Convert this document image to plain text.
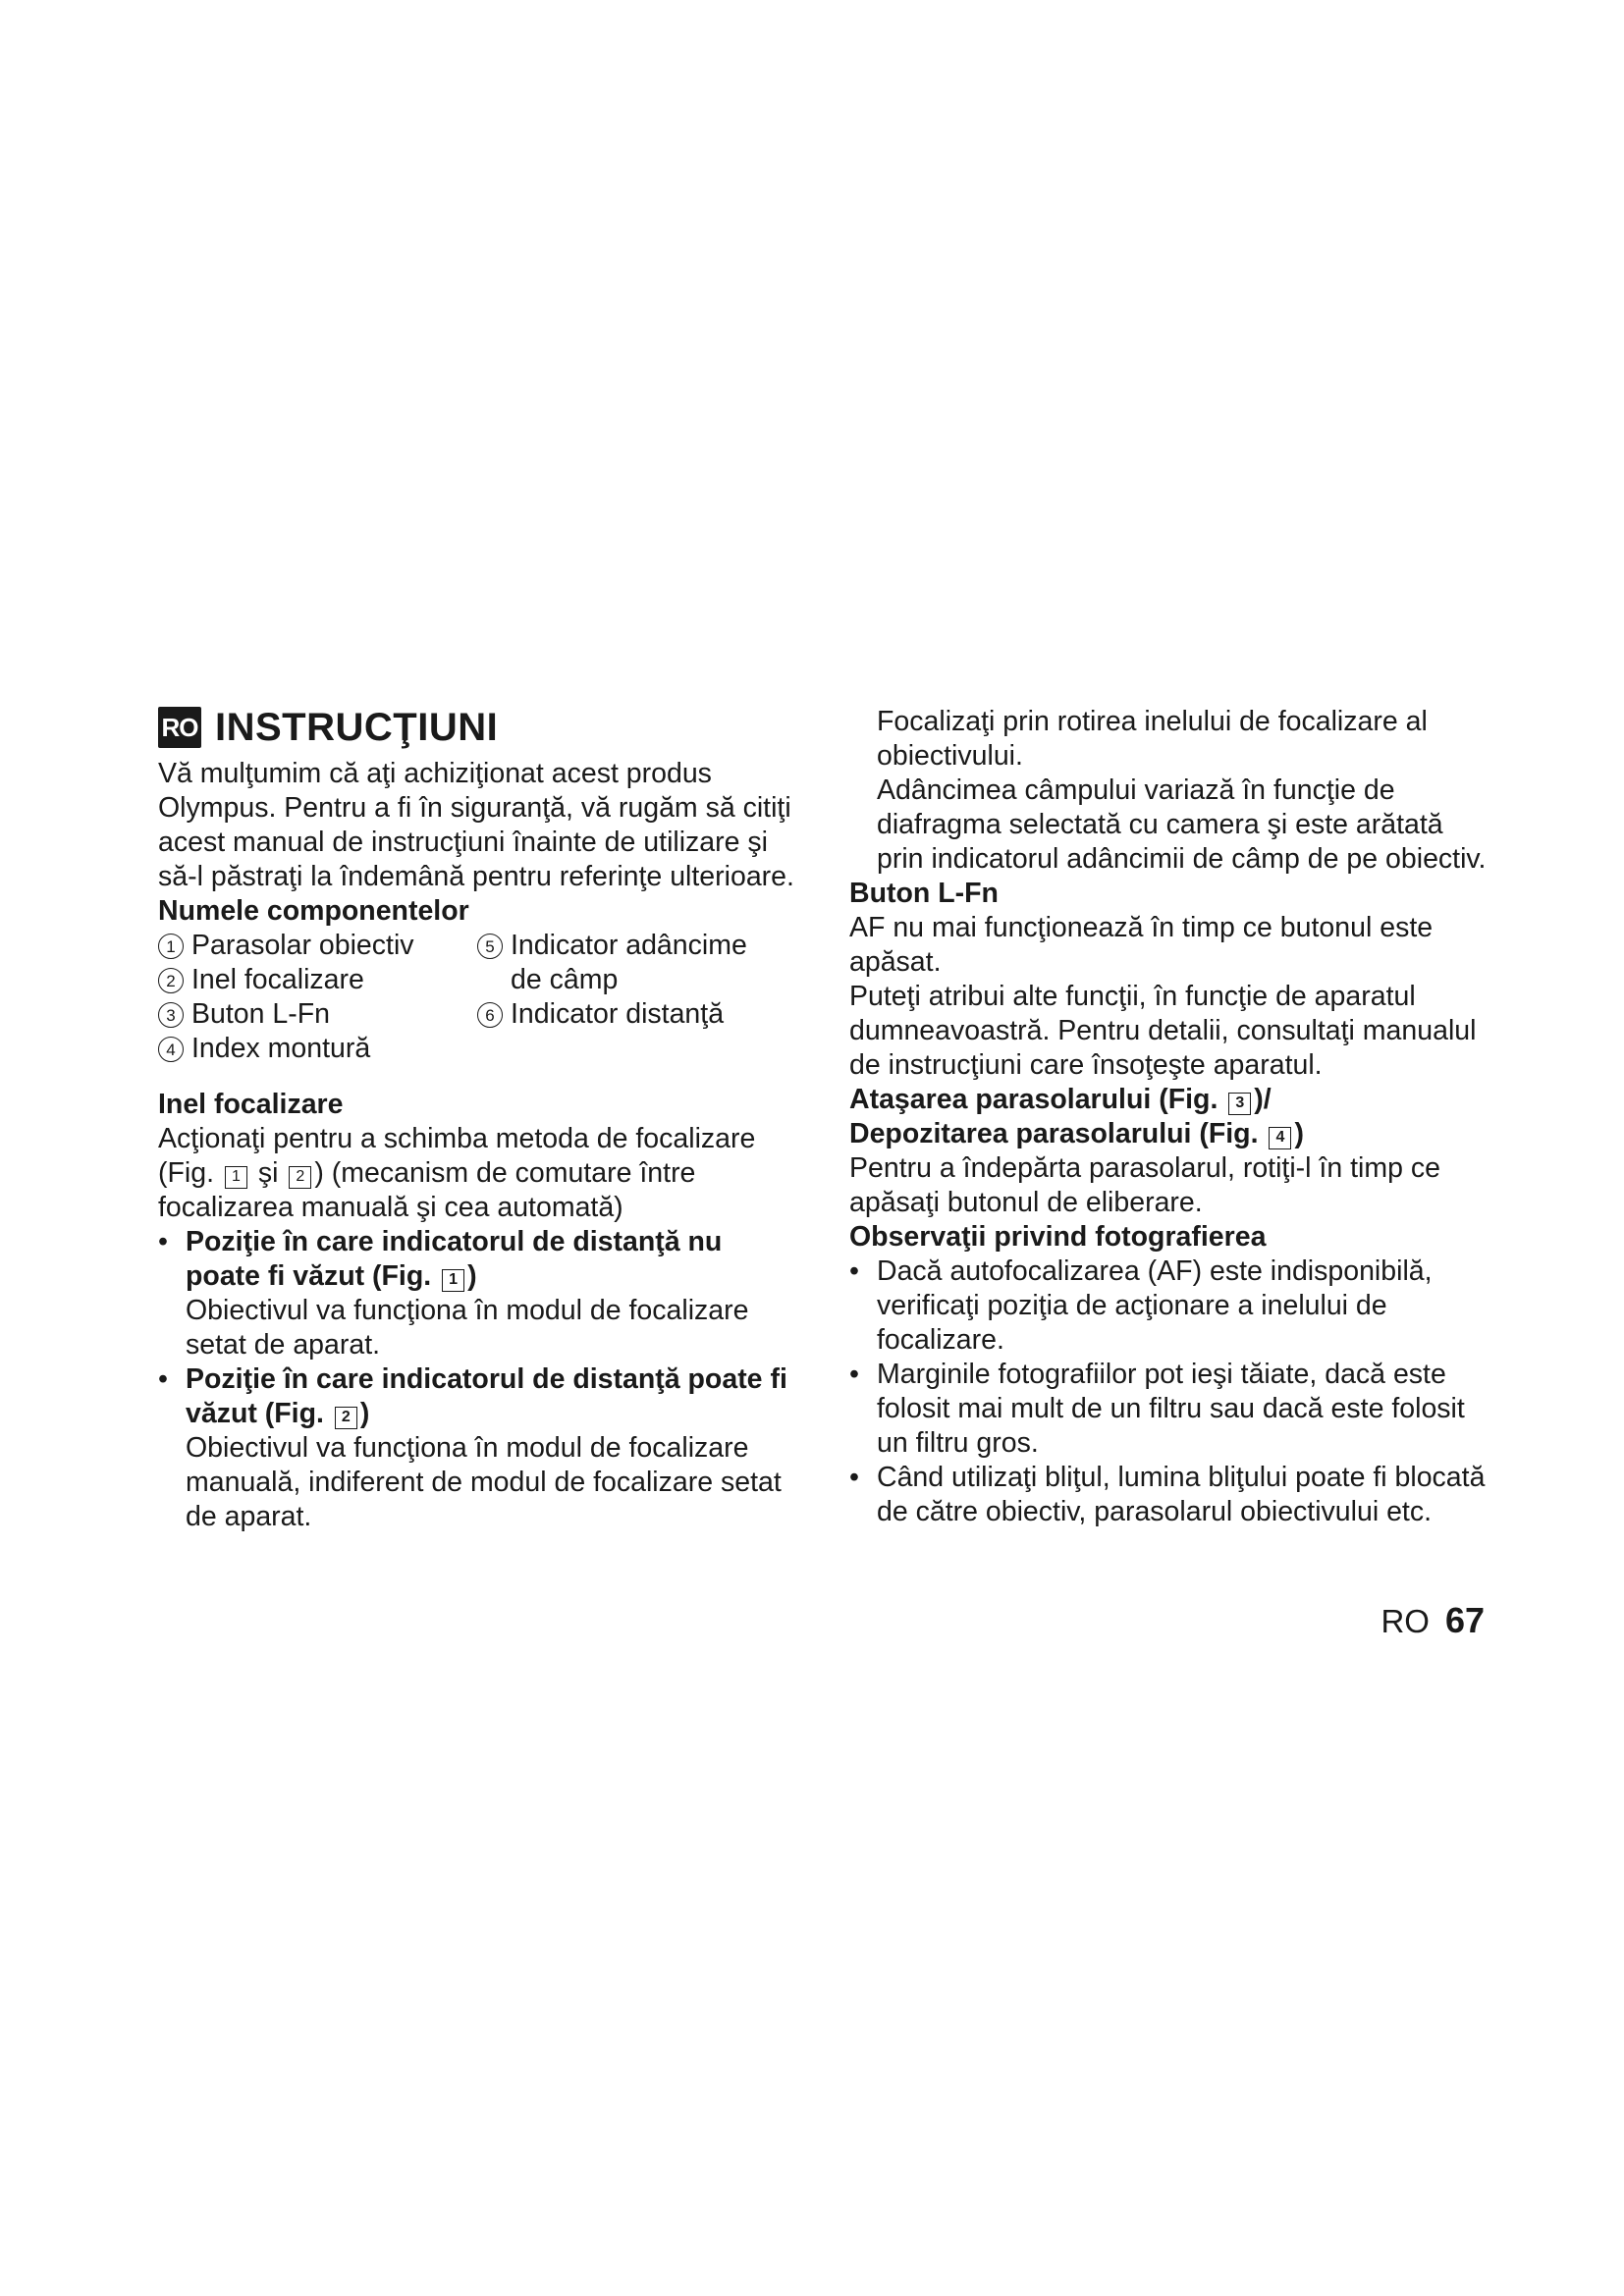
RO INSTRUCŢIUNI

Vă mulţumim că aţi achiziţionat acest produs Olympus. Pentru a fi în siguranţă, vă rugăm să citiţi acest manual de instrucţiuni înainte de utilizare şi să-l păstraţi la îndemână pentru referinţe ulterioare.

Numele componentelor

1 Parasolar obiectiv	5 Indicator adâncime
de câmp
2 Inel focalizare
3 Buton L-Fn	6 Indicator distanţă
4 Index montură

Inel focalizare

Acţionaţi pentru a schimba metoda de focalizare (Fig. 1 şi 2 ) (mecanism de comutare între focalizarea manuală şi cea automată)

• Poziţie în care indicatorul de distanţă nu poate fi văzut (Fig. 1 )

Obiectivul va funcţiona în modul de focalizare setat de aparat.

• Poziţie în care indicatorul de distanţă poate fi văzut (Fig. 2 )

Obiectivul va funcţiona în modul de focalizare manuală, indiferent de modul de focalizare setat de aparat.

Focalizaţi prin rotirea inelului de focalizare al obiectivului.

Adâncimea câmpului variază în funcţie de diafragma selectată cu camera şi este arătată prin indicatorul adâncimii de câmp de pe obiectiv.

Buton L-Fn

AF nu mai funcţionează în timp ce butonul este apăsat.

Puteţi atribui alte funcţii, în funcţie de aparatul dumneavoastră. Pentru detalii, consultaţi manualul de instrucţiuni care însoţeşte aparatul.

Ataşarea parasolarului (Fig. 3 )/

Depozitarea parasolarului (Fig. 4 )

Pentru a îndepărta parasolarul, rotiţi-l în timp ce apăsaţi butonul de eliberare.

Observaţii privind fotografierea

• Dacă autofocalizarea (AF) este indisponibilă, verificaţi poziţia de acţionare a inelului de focalizare.

• Marginile fotografiilor pot ieşi tăiate, dacă este folosit mai mult de un filtru sau dacă este folosit un filtru gros.

• Când utilizaţi bliţul, lumina bliţului poate fi blocată de către obiectiv, parasolarul obiectivului etc.

RO 67
